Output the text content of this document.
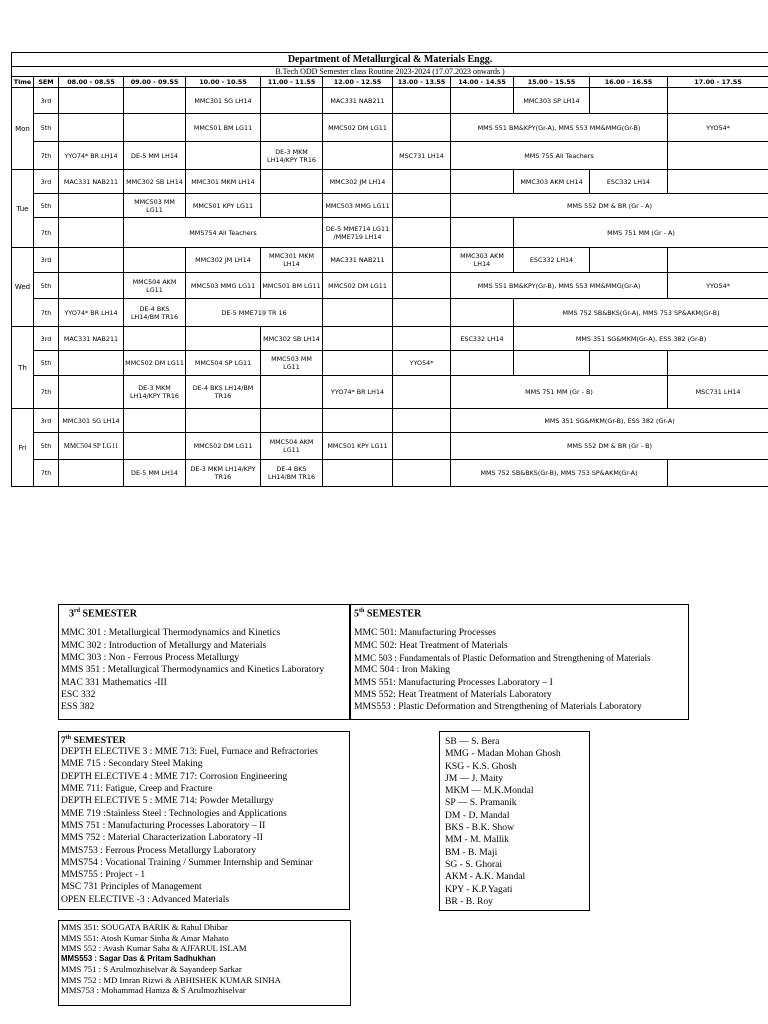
Department of Metallurgical & Materials Engg.												
B.Tech ODD Semester class Routine 2023-2024 (17.07.2023 onwards )												
Time	SEM	08.00 - 08.55	09.00 - 09.55	10.00 - 10.55	11.00 - 11.55	12.00 - 12.55	13.00 - 13.55	14.00 - 14.55	15.00 - 15.55	16.00 - 16.55	17.00 - 17.55	
Mon	3rd			MMC301 SG LH14		MAC331 NAB211			MMC303 SP LH14			
	5th			MMC501 BM LG11		MMC502 DM LG11		MMS 551 BM&KPY(Gr-A), MMS 553 MM&MMG(Gr-B)			YYO54*	
	7th	YYO74* BR LH14	DE-5 MM LH14		DE-3 MKM LH14/KPY TR16		MSC731 LH14	MMS 755 All Teachers				
Tue	3rd	MAC331 NAB211	MMC302 SB LH14	MMC301 MKM LH14		MMC302 JM LH14			MMC303 AKM LH14	ESC332 LH14		
	5th		MMC503 MM LG11	MMC501 KPY LG11		MMC503 MMG LG11		MMS 552 DM & BR (Gr - A)				
	7th		MMS754 All Teachers			DE-5 MME714 LG11 /MME719 LH14			MMS 751 MM (Gr - A)	
Wed	3rd			MMC302 JM LH14	MMC301 MKM LH14	MAC331 NAB211		MMC303 AKM LH14	ESC332 LH14			
	5th		MMC504 AKM LG11	MMC503 MMG LG11	MMC501 BM LG11	MMC502 DM LG11		MMS 551 BM&KPY(Gr-B), MMS 553 MM&MMG(Gr-A)			YYO54*	
	7th	YYO74* BR LH14	DE-4 BKS LH14/BM TR16	DE-5 MME719 TR 16					MMS 752 SB&BKS(Gr-A), MMS 753 SP&AKM(Gr-B)			
Th	3rd	MAC331 NAB211			MMC302 SB LH14			ESC332 LH14	MMS 351 SG&MKM(Gr-A), ESS 382 (Gr-B)			
	5th		MMC502 DM LG11	MMC504 SP LG11	MMC503 MM LG11		YYO54*					
	7th		DE-3 MKM LH14/KPY TR16	DE-4 BKS LH14/BM TR16		YYO74* BR LH14		MMS 751 MM (Gr - B)			MSC731 LH14	
Fri	3rd	MMC301 SG LH14						MMS 351 SG&MKM(Gr-B), ESS 382 (Gr-A)				
	5th	MMC504 SP LG11		MMC502 DM LG11	MMC504 AKM LG11	MMC501 KPY LG11		MMS 552 DM & BR (Gr - B)				
	7th		DE-5 MM LH14	DE-3 MKM LH14/KPY TR16	DE-4 BKS LH14/BM TR16			MMS 752 SB&BKS(Gr-B), MMS 753 SP&AKM(Gr-A)				
3rd SEMESTER
MMC 301 : Metallurgical Thermodynamics and Kinetics
MMC 302 : Introduction of Metallurgy and Materials
MMC 303 : Non - Ferrous Process Metallurgy
MMS 351 : Metallurgical Thermodynamics and Kinetics Laboratory
MAC 331 Mathematics -III
ESC 332
ESS 382
5th SEMESTER
MMC 501: Manufacturing Processes
MMC 502: Heat Treatment of Materials
MMC 503 : Fundamentals of Plastic Deformation and Strengthening of Materials
MMC 504 : Iron Making
MMS 551: Manufacturing Processes Laboratory – I
MMS 552: Heat Treatment of Materials Laboratory
MMS553 : Plastic Deformation and Strengthening of Materials Laboratory
7th SEMESTER
DEPTH ELECTIVE 3 : MME 713: Fuel, Furnace and Refractories
MME 715 : Secondary Steel Making
DEPTH ELECTIVE 4 : MME 717: Corrosion Engineering
MME 711: Fatigue, Creep and Fracture
DEPTH ELECTIVE 5 : MME 714: Powder Metallurgy
MME 719 :Stainless Steel : Technologies and Applications
MMS 751 : Manufacturing Processes Laboratory – II
MMS 752 : Material Characterization Laboratory -II
MMS753 : Ferrous Process Metallurgy Laboratory
MMS754 : Vocational Training / Summer Internship and Seminar
MMS755 : Project - 1
MSC 731 Principles of Management
OPEN ELECTIVE -3 : Advanced Materials
SB — S. Bera
MMG - Madan Mohan Ghosh
KSG - K.S. Ghosh
JM — J. Maity
MKM — M.K.Mondal
SP — S. Pramanik
DM - D. Mandal
BKS - B.K. Show
MM - M. Mallik
BM - B. Maji
SG - S. Ghorai
AKM - A.K. Mandal
KPY - K.P.Yagati
BR - B. Roy
MMS 351: SOUGATA BARIK & Rahul Dhibar
MMS 551: Atosh Kumar Sinha & Amar Mahato
MMS 552 : Avash Kumar Saha & AJFARUL ISLAM
MMS553 : Sagar Das & Pritam Sadhukhan
MMS 751 : S Arulmozhiselvar & Sayandeep Sarkar
MMS 752 : MD Imran Rizwi & ABHISHEK KUMAR SINHA
MMS753 : Mohammad Hamza & S Arulmozhiselvar
